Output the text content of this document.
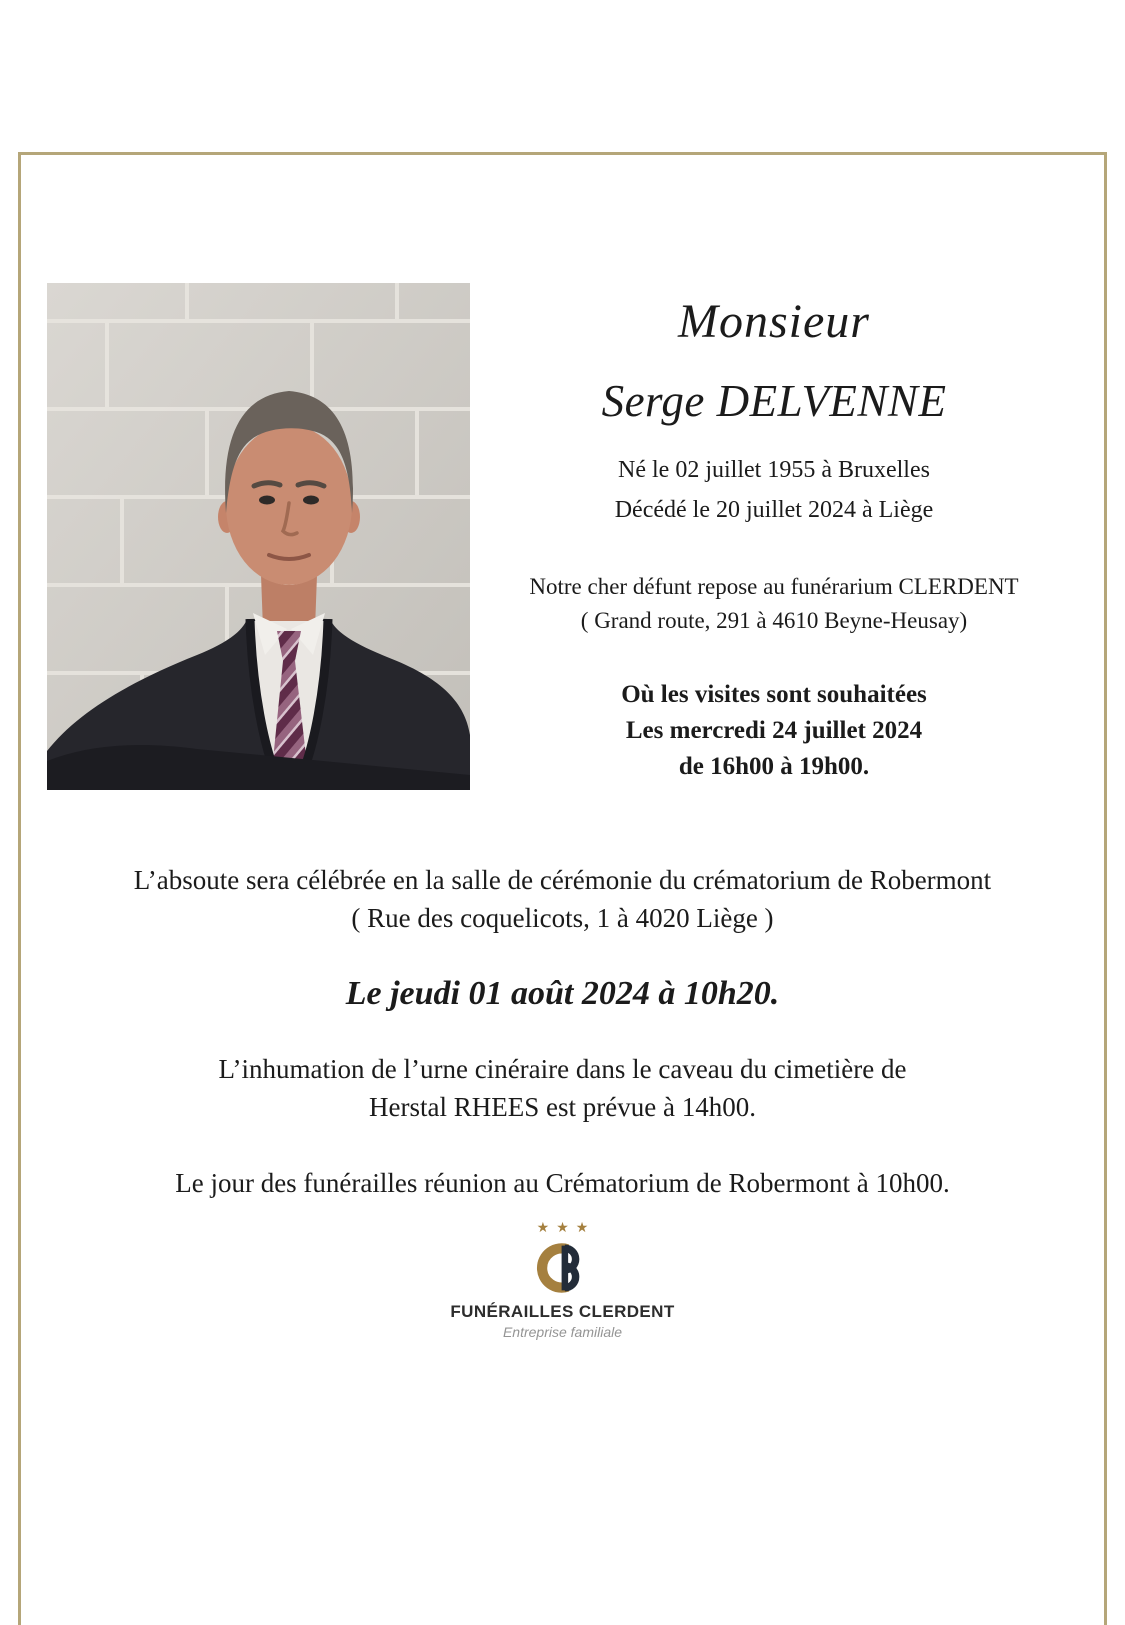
Monsieur
Serge DELVENNE
Né le 02 juillet 1955 à Bruxelles
Décédé le 20 juillet 2024 à Liège
Notre cher défunt repose au funérarium CLERDENT
( Grand route, 291 à 4610 Beyne-Heusay)
Où les visites sont souhaitées
Les mercredi 24 juillet 2024
de 16h00 à 19h00.
L’absoute sera célébrée en la salle de cérémonie du crématorium de Robermont
( Rue des coquelicots, 1 à 4020 Liège )
Le jeudi 01 août 2024 à 10h20.
L’inhumation de l’urne cinéraire dans le caveau du cimetière de
Herstal RHEES est prévue à 14h00.
Le jour des funérailles réunion au Crématorium de Robermont à 10h00.
★★★
FUNÉRAILLES CLERDENT
Entreprise familiale
